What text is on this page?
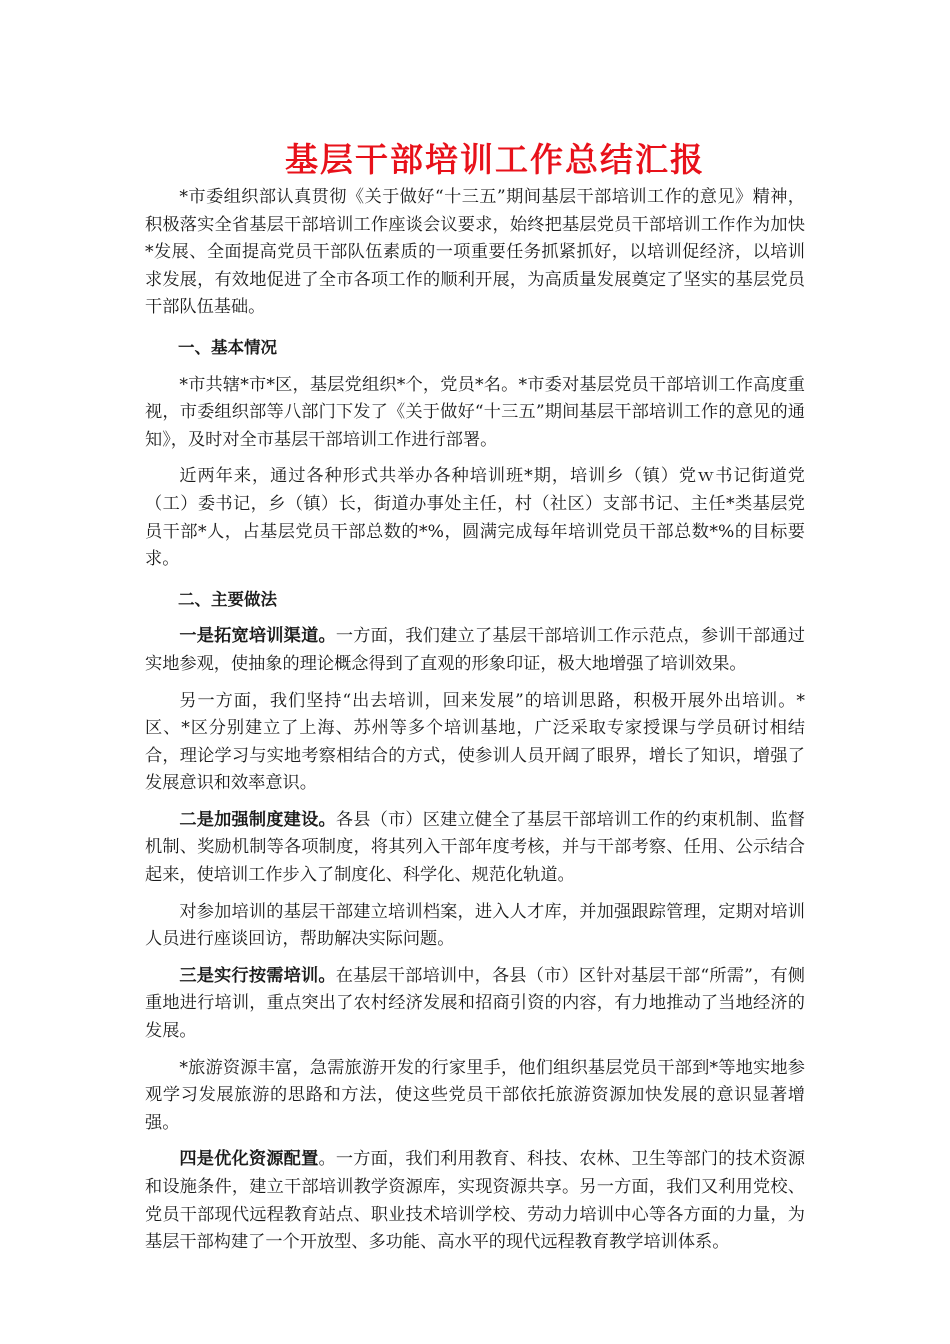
基层干部培训工作总结汇报

*市委组织部认真贯彻《关于做好“十三五”期间基层干部培训工作的意见》精神，积极落实全省基层干部培训工作座谈会议要求，始终把基层党员干部培训工作作为加快*发展、全面提高党员干部队伍素质的一项重要任务抓紧抓好，以培训促经济，以培训求发展，有效地促进了全市各项工作的顺利开展，为高质量发展奠定了坚实的基层党员干部队伍基础。

一、基本情况

*市共辖*市*区，基层党组织*个，党员*名。*市委对基层党员干部培训工作高度重视，市委组织部等八部门下发了《关于做好“十三五”期间基层干部培训工作的意见的通知》，及时对全市基层干部培训工作进行部署。

近两年来，通过各种形式共举办各种培训班*期，培训乡（镇）党ｗ书记街道党（工）委书记，乡（镇）长，街道办事处主任，村（社区）支部书记、主任*类基层党员干部*人，占基层党员干部总数的*%，圆满完成每年培训党员干部总数*%的目标要求。

二、主要做法

一是拓宽培训渠道。一方面，我们建立了基层干部培训工作示范点，参训干部通过实地参观，使抽象的理论概念得到了直观的形象印证，极大地增强了培训效果。

另一方面，我们坚持“出去培训，回来发展”的培训思路，积极开展外出培训。*区、*区分别建立了上海、苏州等多个培训基地，广泛采取专家授课与学员研讨相结合，理论学习与实地考察相结合的方式，使参训人员开阔了眼界，增长了知识，增强了发展意识和效率意识。

二是加强制度建设。各县（市）区建立健全了基层干部培训工作的约束机制、监督机制、奖励机制等各项制度，将其列入干部年度考核，并与干部考察、任用、公示结合起来，使培训工作步入了制度化、科学化、规范化轨道。

对参加培训的基层干部建立培训档案，进入人才库，并加强跟踪管理，定期对培训人员进行座谈回访，帮助解决实际问题。

三是实行按需培训。在基层干部培训中，各县（市）区针对基层干部“所需”，有侧重地进行培训，重点突出了农村经济发展和招商引资的内容，有力地推动了当地经济的发展。

*旅游资源丰富，急需旅游开发的行家里手，他们组织基层党员干部到*等地实地参观学习发展旅游的思路和方法，使这些党员干部依托旅游资源加快发展的意识显著增强。

四是优化资源配置。一方面，我们利用教育、科技、农林、卫生等部门的技术资源和设施条件，建立干部培训教学资源库，实现资源共享。另一方面，我们又利用党校、党员干部现代远程教育站点、职业技术培训学校、劳动力培训中心等各方面的力量，为基层干部构建了一个开放型、多功能、高水平的现代远程教育教学培训体系。
